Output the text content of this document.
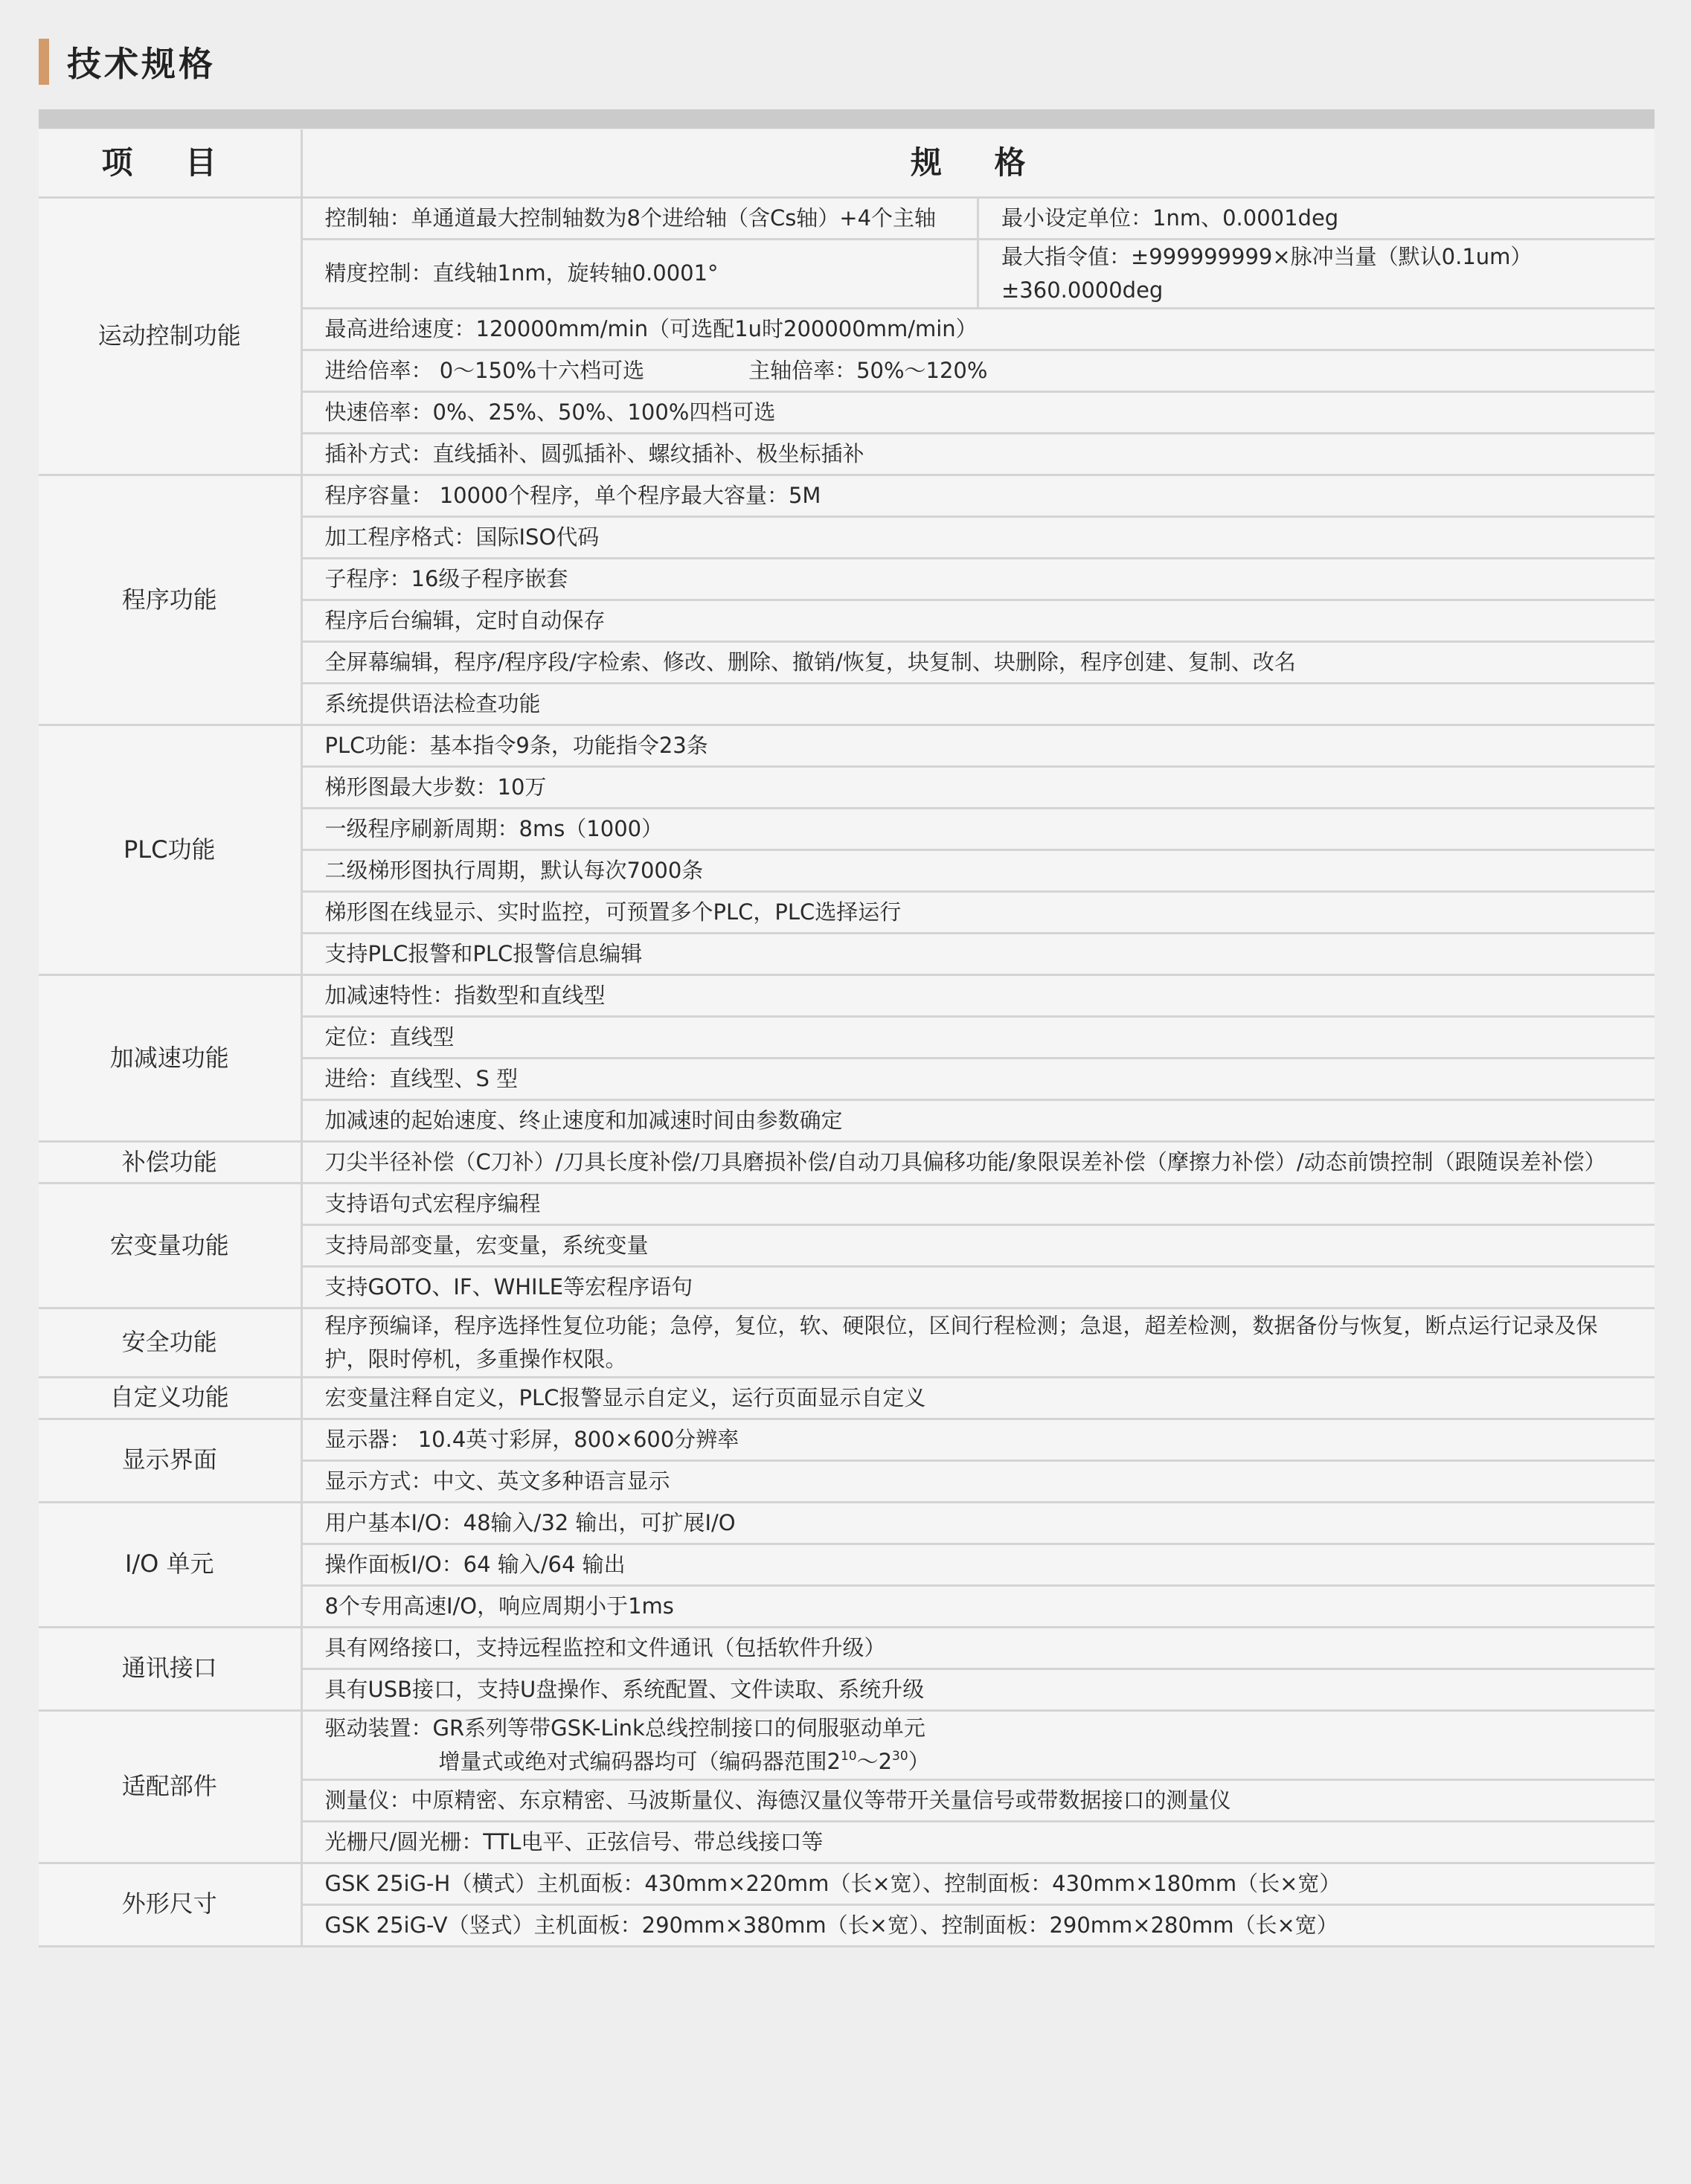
技术规格
项 目	规 格	
运动控制功能	控制轴：单通道最大控制轴数为8个进给轴（含Cs轴）+4个主轴	最小设定单位：1nm、0.0001deg
	精度控制：直线轴1nm，旋转轴0.0001°	最大指令值：±999999999×脉冲当量（默认0.1um）±360.0000deg
	最高进给速度：120000mm/min（可选配1u时200000mm/min）	
	进给倍率： 0～150%十六档可选 主轴倍率：50%～120%	
	快速倍率：0%、25%、50%、100%四档可选	
	插补方式：直线插补、圆弧插补、螺纹插补、极坐标插补	
程序功能	程序容量： 10000个程序，单个程序最大容量：5M	
	加工程序格式：国际ISO代码	
	子程序：16级子程序嵌套	
	程序后台编辑，定时自动保存	
	全屏幕编辑，程序/程序段/字检索、修改、删除、撤销/恢复，块复制、块删除，程序创建、复制、改名	
	系统提供语法检查功能	
PLC功能	PLC功能：基本指令9条，功能指令23条	
	梯形图最大步数：10万	
	一级程序刷新周期：8ms（1000）	
	二级梯形图执行周期，默认每次7000条	
	梯形图在线显示、实时监控，可预置多个PLC，PLC选择运行	
	支持PLC报警和PLC报警信息编辑	
加减速功能	加减速特性：指数型和直线型	
	定位：直线型	
	进给：直线型、S 型	
	加减速的起始速度、终止速度和加减速时间由参数确定	
补偿功能	刀尖半径补偿（C刀补）/刀具长度补偿/刀具磨损补偿/自动刀具偏移功能/象限误差补偿（摩擦力补偿）/动态前馈控制（跟随误差补偿）	
宏变量功能	支持语句式宏程序编程	
	支持局部变量，宏变量，系统变量	
	支持GOTO、IF、WHILE等宏程序语句	
安全功能	程序预编译，程序选择性复位功能；急停，复位，软、硬限位，区间行程检测；急退，超差检测，数据备份与恢复，断点运行记录及保护，限时停机，多重操作权限。	
自定义功能	宏变量注释自定义，PLC报警显示自定义，运行页面显示自定义	
显示界面	显示器： 10.4英寸彩屏，800×600分辨率	
	显示方式：中文、英文多种语言显示	
I/O 单元	用户基本I/O：48输入/32 输出，可扩展I/O	
	操作面板I/O：64 输入/64 输出	
	8个专用高速I/O，响应周期小于1ms	
通讯接口	具有网络接口，支持远程监控和文件通讯（包括软件升级）	
	具有USB接口，支持U盘操作、系统配置、文件读取、系统升级	
适配部件	驱动装置：GR系列等带GSK-Link总线控制接口的伺服驱动单元
增量式或绝对式编码器均可（编码器范围$2^{10}\sim 2^{30}$）	

	测量仪：中原精密、东京精密、马波斯量仪、海德汉量仪等带开关量信号或带数据接口的测量仪	
	光栅尺/圆光栅：TTL电平、正弦信号、带总线接口等	
外形尺寸	GSK 25iG-H（横式）主机面板：430mm×220mm（长×宽）、控制面板：430mm×180mm（长×宽）	
	GSK 25iG-V（竖式）主机面板：290mm×380mm（长×宽）、控制面板：290mm×280mm（长×宽）	
